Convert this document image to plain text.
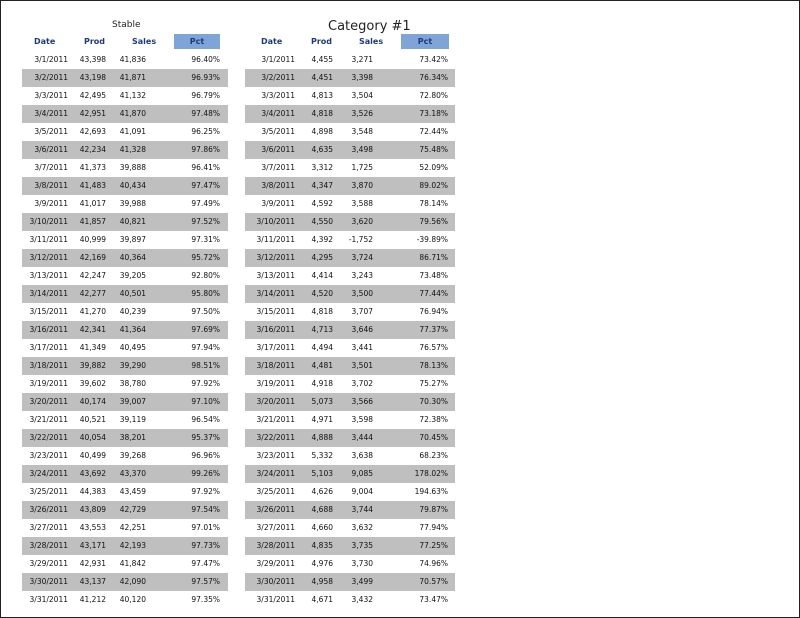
Stable	Category #1
Date	Prod	Sales	Pct
3/1/2011	43,398	41,836	96.40%
3/2/2011	43,198	41,871	96.93%
3/3/2011	42,495	41,132	96.79%
3/4/2011	42,951	41,870	97.48%
3/5/2011	42,693	41,091	96.25%
3/6/2011	42,234	41,328	97.86%
3/7/2011	41,373	39,888	96.41%
3/8/2011	41,483	40,434	97.47%
3/9/2011	41,017	39,988	97.49%
3/10/2011	41,857	40,821	97.52%
3/11/2011	40,999	39,897	97.31%
3/12/2011	42,169	40,364	95.72%
3/13/2011	42,247	39,205	92.80%
3/14/2011	42,277	40,501	95.80%
3/15/2011	41,270	40,239	97.50%
3/16/2011	42,341	41,364	97.69%
3/17/2011	41,349	40,495	97.94%
3/18/2011	39,882	39,290	98.51%
3/19/2011	39,602	38,780	97.92%
3/20/2011	40,174	39,007	97.10%
3/21/2011	40,521	39,119	96.54%
3/22/2011	40,054	38,201	95.37%
3/23/2011	40,499	39,268	96.96%
3/24/2011	43,692	43,370	99.26%
3/25/2011	44,383	43,459	97.92%
3/26/2011	43,809	42,729	97.54%
3/27/2011	43,553	42,251	97.01%
3/28/2011	43,171	42,193	97.73%
3/29/2011	42,931	41,842	97.47%
3/30/2011	43,137	42,090	97.57%
3/31/2011	41,212	40,120	97.35%
Date	Prod	Sales	Pct
3/1/2011	4,455	3,271	73.42%
3/2/2011	4,451	3,398	76.34%
3/3/2011	4,813	3,504	72.80%
3/4/2011	4,818	3,526	73.18%
3/5/2011	4,898	3,548	72.44%
3/6/2011	4,635	3,498	75.48%
3/7/2011	3,312	1,725	52.09%
3/8/2011	4,347	3,870	89.02%
3/9/2011	4,592	3,588	78.14%
3/10/2011	4,550	3,620	79.56%
3/11/2011	4,392	-1,752	-39.89%
3/12/2011	4,295	3,724	86.71%
3/13/2011	4,414	3,243	73.48%
3/14/2011	4,520	3,500	77.44%
3/15/2011	4,818	3,707	76.94%
3/16/2011	4,713	3,646	77.37%
3/17/2011	4,494	3,441	76.57%
3/18/2011	4,481	3,501	78.13%
3/19/2011	4,918	3,702	75.27%
3/20/2011	5,073	3,566	70.30%
3/21/2011	4,971	3,598	72.38%
3/22/2011	4,888	3,444	70.45%
3/23/2011	5,332	3,638	68.23%
3/24/2011	5,103	9,085	178.02%
3/25/2011	4,626	9,004	194.63%
3/26/2011	4,688	3,744	79.87%
3/27/2011	4,660	3,632	77.94%
3/28/2011	4,835	3,735	77.25%
3/29/2011	4,976	3,730	74.96%
3/30/2011	4,958	3,499	70.57%
3/31/2011	4,671	3,432	73.47%
